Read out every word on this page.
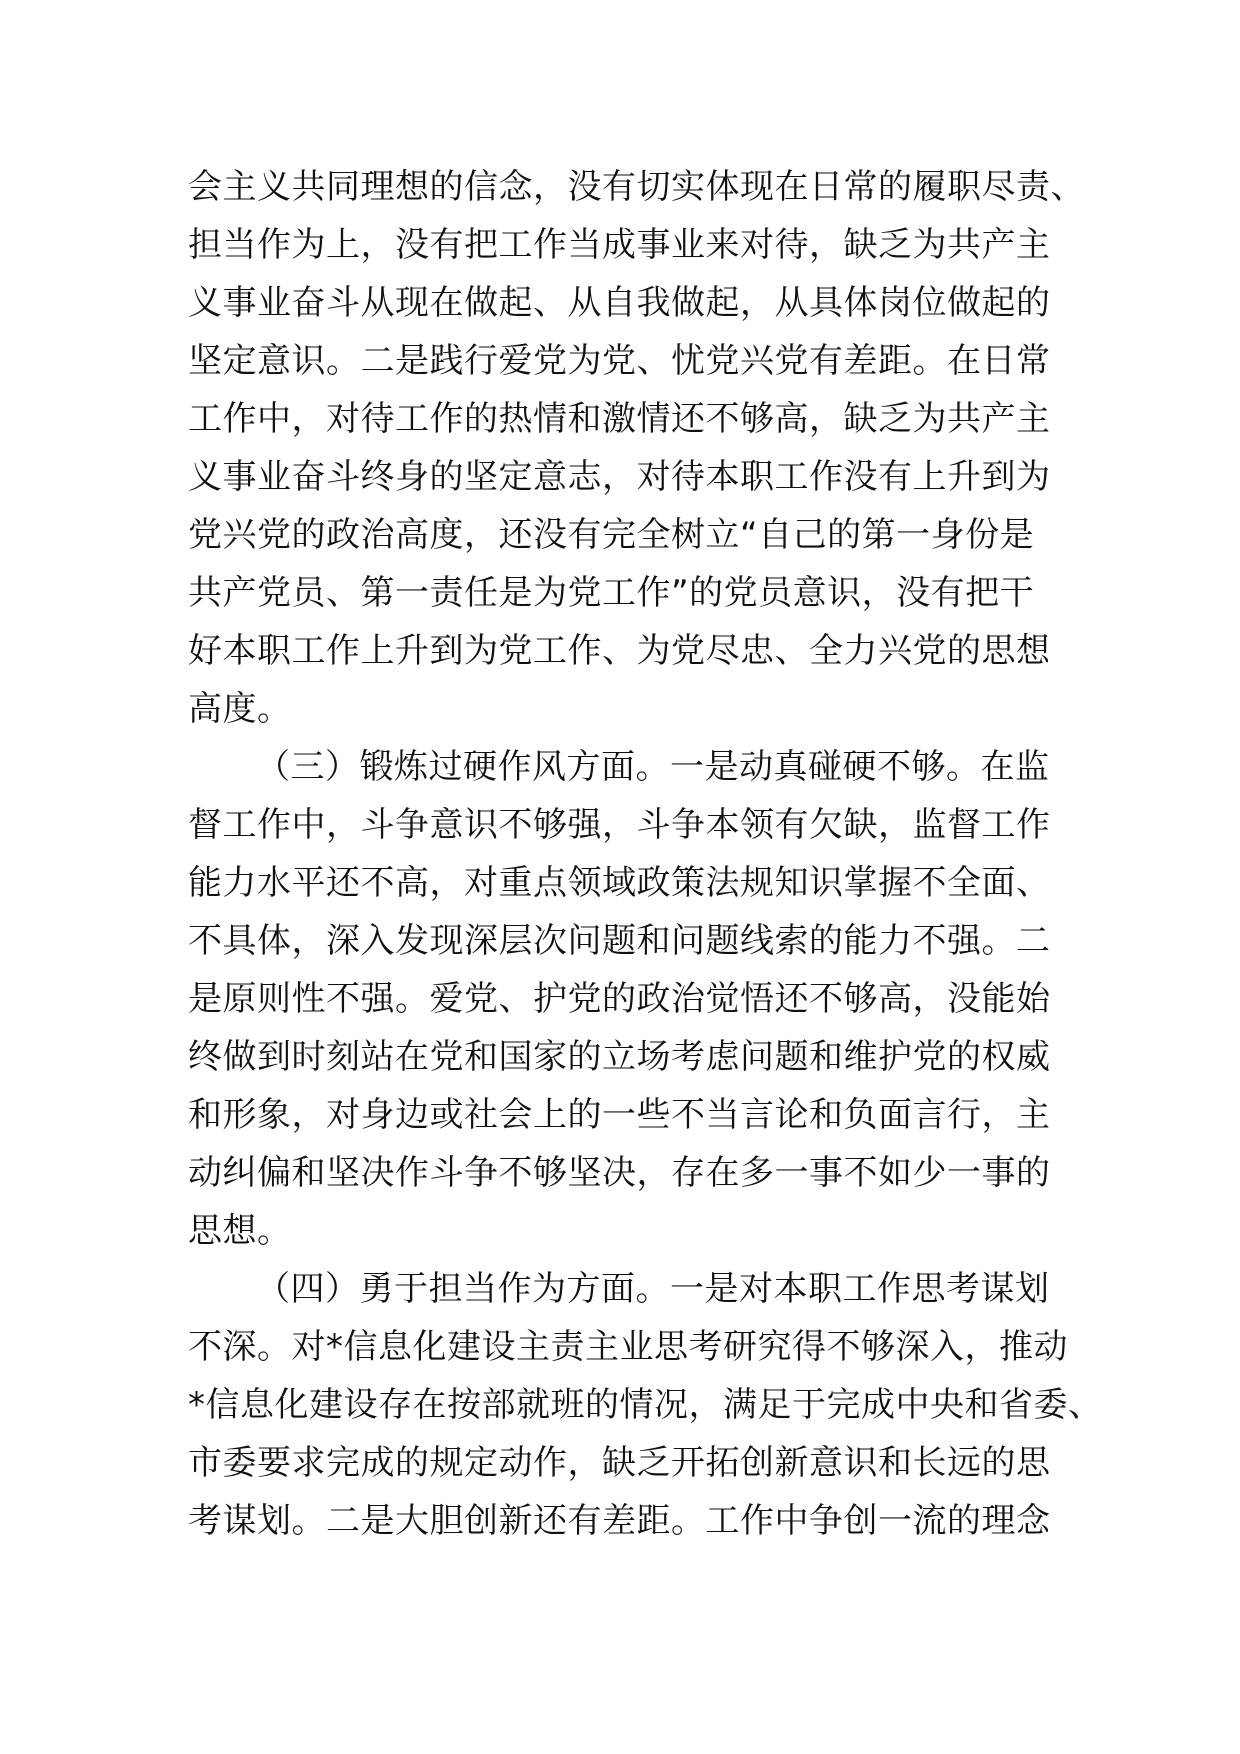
会主义共同理想的信念，没有切实体现在日常的履职尽责、
担当作为上，没有把工作当成事业来对待，缺乏为共产主
义事业奋斗从现在做起、从自我做起，从具体岗位做起的
坚定意识。二是践行爱党为党、忧党兴党有差距。在日常
工作中，对待工作的热情和激情还不够高，缺乏为共产主
义事业奋斗终身的坚定意志，对待本职工作没有上升到为
党兴党的政治高度，还没有完全树立“自己的第一身份是
共产党员、第一责任是为党工作”的党员意识，没有把干
好本职工作上升到为党工作、为党尽忠、全力兴党的思想
高度。
（三）锻炼过硬作风方面。一是动真碰硬不够。在监
督工作中，斗争意识不够强，斗争本领有欠缺，监督工作
能力水平还不高，对重点领域政策法规知识掌握不全面、
不具体，深入发现深层次问题和问题线索的能力不强。二
是原则性不强。爱党、护党的政治觉悟还不够高，没能始
终做到时刻站在党和国家的立场考虑问题和维护党的权威
和形象，对身边或社会上的一些不当言论和负面言行，主
动纠偏和坚决作斗争不够坚决，存在多一事不如少一事的
思想。
（四）勇于担当作为方面。一是对本职工作思考谋划
不深。对*信息化建设主责主业思考研究得不够深入，推动
*信息化建设存在按部就班的情况，满足于完成中央和省委、
市委要求完成的规定动作，缺乏开拓创新意识和长远的思
考谋划。二是大胆创新还有差距。工作中争创一流的理念
